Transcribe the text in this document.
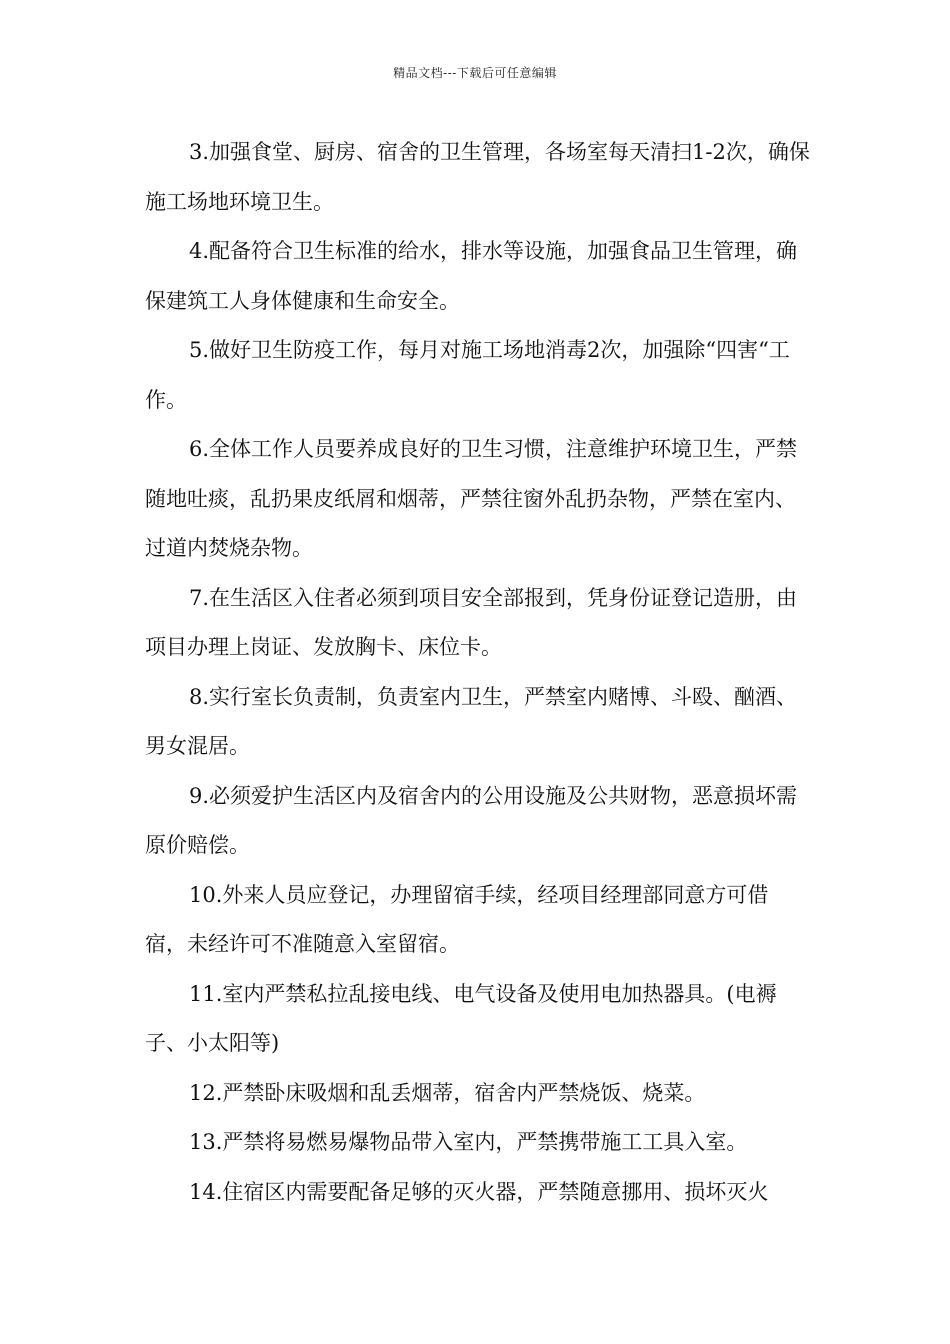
精品文档---下载后可任意编辑

3.加强食堂、厨房、宿舍的卫生管理，各场室每天清扫1-2次，确保施工场地环境卫生。

4.配备符合卫生标准的给水，排水等设施，加强食品卫生管理，确保建筑工人身体健康和生命安全。

5.做好卫生防疫工作，每月对施工场地消毒2次，加强除“四害“工作。

6.全体工作人员要养成良好的卫生习惯，注意维护环境卫生，严禁随地吐痰，乱扔果皮纸屑和烟蒂，严禁往窗外乱扔杂物，严禁在室内、过道内焚烧杂物。

7.在生活区入住者必须到项目安全部报到，凭身份证登记造册，由项目办理上岗证、发放胸卡、床位卡。

8.实行室长负责制，负责室内卫生，严禁室内赌博、斗殴、酗酒、男女混居。

9.必须爱护生活区内及宿舍内的公用设施及公共财物，恶意损坏需原价赔偿。

10.外来人员应登记，办理留宿手续，经项目经理部同意方可借宿，未经许可不准随意入室留宿。

11.室内严禁私拉乱接电线、电气设备及使用电加热器具。(电褥子、小太阳等)

12.严禁卧床吸烟和乱丢烟蒂，宿舍内严禁烧饭、烧菜。

13.严禁将易燃易爆物品带入室内，严禁携带施工工具入室。

14.住宿区内需要配备足够的灭火器，严禁随意挪用、损坏灭火
